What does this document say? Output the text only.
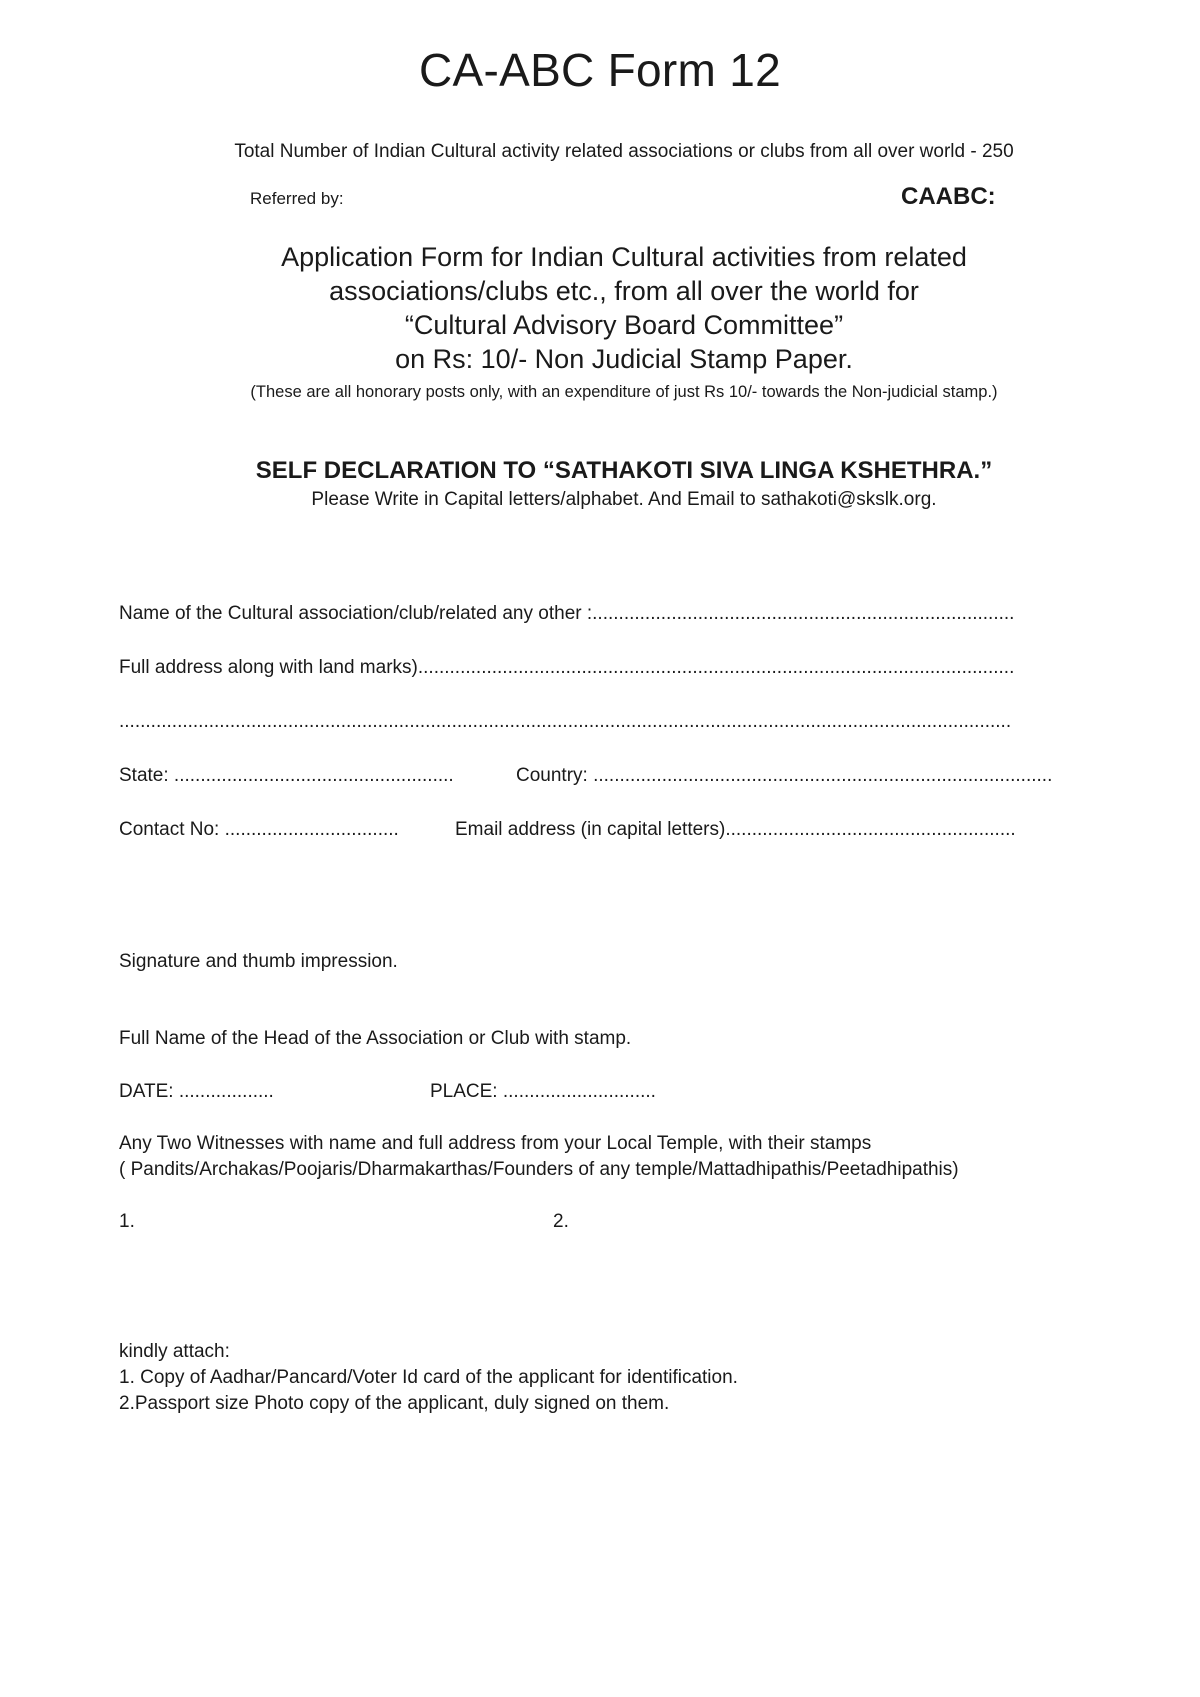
CA-ABC Form 12
Total Number of Indian Cultural activity related associations or clubs from all over world - 250
Referred by:	CAABC:
Application Form for Indian Cultural activities from related
associations/clubs etc., from all over the world for
“Cultural Advisory Board Committee”
on Rs: 10/- Non Judicial Stamp Paper.
(These are all honorary posts only, with an expenditure of just Rs 10/- towards the Non-judicial stamp.)
SELF DECLARATION TO “SATHAKOTI SIVA LINGA KSHETHRA.”
Please Write in Capital letters/alphabet. And Email to sathakoti@skslk.org.
Name of the Cultural association/club/related any other :................................................................................
Full address along with land marks).................................................................................................................
.........................................................................................................................................................................
State: .....................................................	Country: .......................................................................................
Contact No: .................................	Email address (in capital letters).......................................................
Signature and thumb impression.
Full Name of the Head of the Association or Club with stamp.
DATE: ..................	PLACE: .............................
Any Two Witnesses with name and full address from your Local Temple, with their stamps
( Pandits/Archakas/Poojaris/Dharmakarthas/Founders of any temple/Mattadhipathis/Peetadhipathis)
1.	2.
kindly attach:
1. Copy of Aadhar/Pancard/Voter Id card of the applicant for identification.
2.Passport size Photo copy of the applicant, duly signed on them.
